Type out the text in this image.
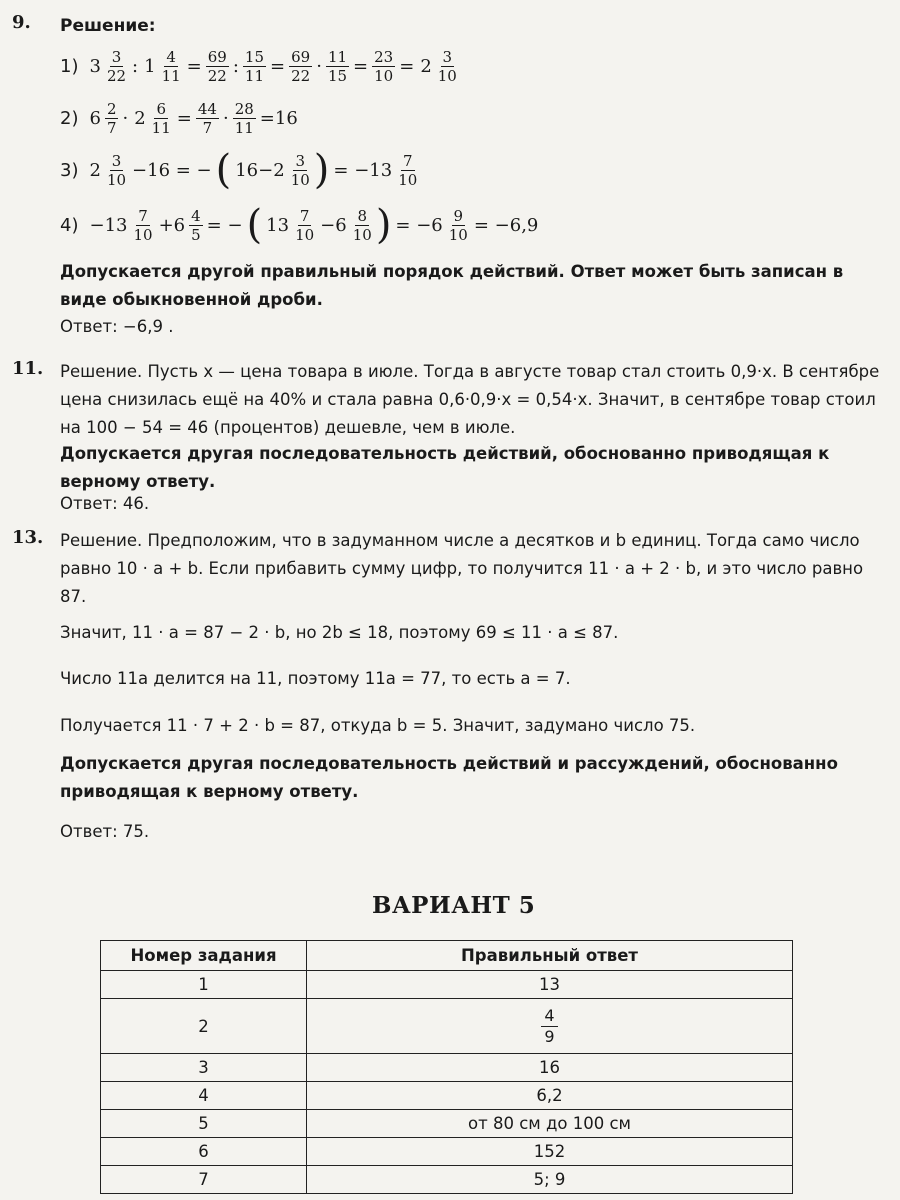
9. Решение:
1) $3 \frac{3}{22}$ : $1 \frac{4}{11} = \frac{69}{22}$ : $\frac{15}{11} = \frac{69}{22} \cdot \frac{11}{15} = \frac{23}{10} = 2 \frac{3}{10}$
2) $6 \frac{2}{7} \cdot 2 \frac{6}{11} = \frac{44}{7} \cdot \frac{28}{11} =16$
3) $2 \frac{3}{10} -16$ = − ( $16-2 \frac{3}{10}$ ) = $-13 \frac{7}{10}$
$4) -13 \frac{7}{10} +6 \frac{4}{5}$ = − ( $13 \frac{7}{10} -6 \frac{8}{10}$ ) = $-6 \frac{9}{10} = -6,9$
Допускается другой правильный порядок действий. Ответ может быть записан в виде обыкновенной дроби.
Ответ: −6,9 .
11. Решение. Пусть x — цена товара в июле. Тогда в августе товар стал стоить 0,9·x. В сентябре цена снизилась ещё на 40% и стала равна 0,6·0,9·x = 0,54·x. Значит, в сентябре товар стоил на 100 − 54 = 46 (процентов) дешевле, чем в июле.
Допускается другая последовательность действий, обоснованно приводящая к верному ответу.
Ответ: 46.
13. Решение. Предположим, что в задуманном числе a десятков и b единиц. Тогда само число равно 10 · a + b. Если прибавить сумму цифр, то получится 11 · a + 2 · b, и это число равно 87.
Значит, 11 · a = 87 − 2 · b, но 2b ≤ 18, поэтому 69 ≤ 11 · a ≤ 87.
Число 11a делится на 11, поэтому 11a = 77, то есть a = 7.
Получается 11 · 7 + 2 · b = 87, откуда b = 5. Значит, задумано число 75.
Допускается другая последовательность действий и рассуждений, обоснованно приводящая к верному ответу.
Ответ: 75.
ВАРИАНТ 5
Номер задания	Правильный ответ
1	13
2	$\frac{4}{9}$

3	16
4	6,2
5	от 80 см до 100 см
6	152
7	5; 9
